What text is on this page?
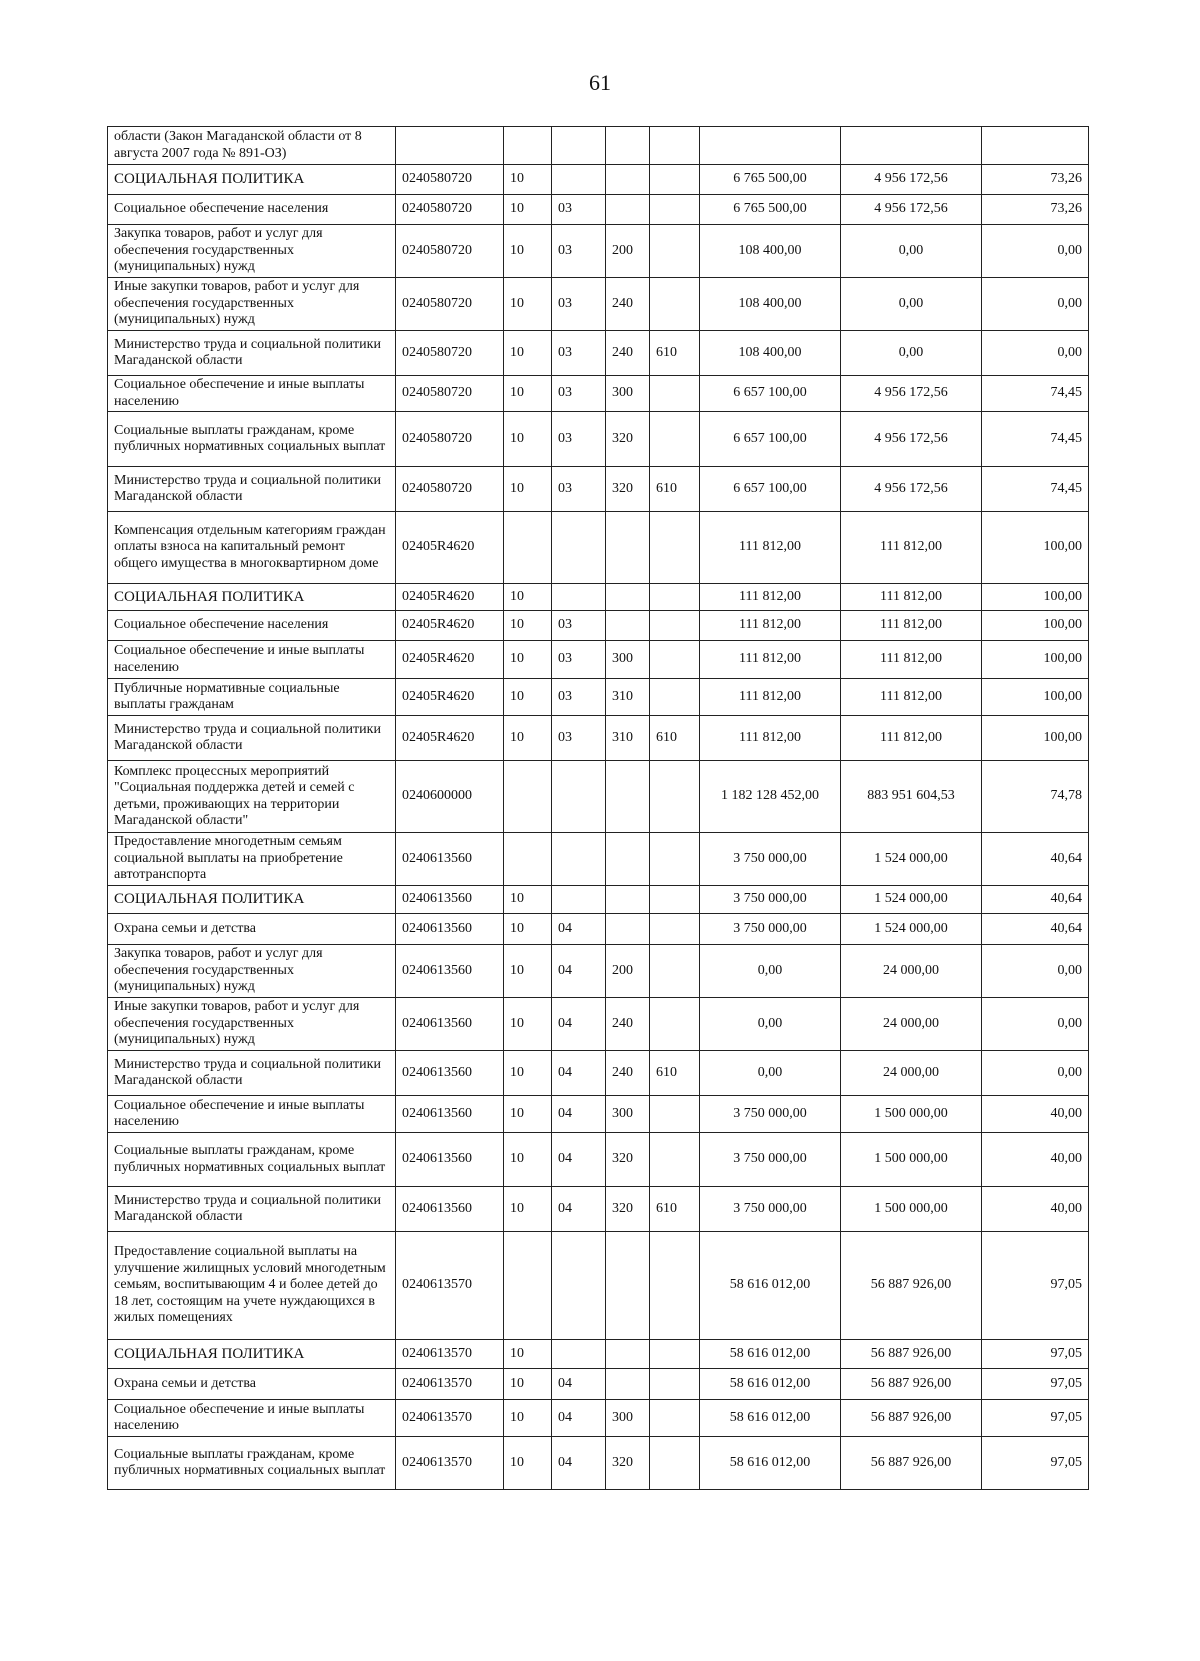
61
области (Закон Магаданской области от 8 августа 2007 года № 891-ОЗ)								
СОЦИАЛЬНАЯ ПОЛИТИКА	0240580720	10				6 765 500,00	4 956 172,56	73,26
Социальное обеспечение населения	0240580720	10	03			6 765 500,00	4 956 172,56	73,26
Закупка товаров, работ и услуг для обеспечения государственных (муниципальных) нужд	0240580720	10	03	200		108 400,00	0,00	0,00
Иные закупки товаров, работ и услуг для обеспечения государственных (муниципальных) нужд	0240580720	10	03	240		108 400,00	0,00	0,00
Министерство труда и социальной политики Магаданской области	0240580720	10	03	240	610	108 400,00	0,00	0,00
Социальное обеспечение и иные выплаты населению	0240580720	10	03	300		6 657 100,00	4 956 172,56	74,45
Социальные выплаты гражданам, кроме публичных нормативных социальных выплат	0240580720	10	03	320		6 657 100,00	4 956 172,56	74,45
Министерство труда и социальной политики Магаданской области	0240580720	10	03	320	610	6 657 100,00	4 956 172,56	74,45
Компенсация отдельным категориям граждан оплаты взноса на капитальный ремонт общего имущества в многоквартирном доме	02405R4620					111 812,00	111 812,00	100,00
СОЦИАЛЬНАЯ ПОЛИТИКА	02405R4620	10				111 812,00	111 812,00	100,00
Социальное обеспечение населения	02405R4620	10	03			111 812,00	111 812,00	100,00
Социальное обеспечение и иные выплаты населению	02405R4620	10	03	300		111 812,00	111 812,00	100,00
Публичные нормативные социальные выплаты гражданам	02405R4620	10	03	310		111 812,00	111 812,00	100,00
Министерство труда и социальной политики Магаданской области	02405R4620	10	03	310	610	111 812,00	111 812,00	100,00
Комплекс процессных мероприятий "Социальная поддержка детей и семей с детьми, проживающих на территории Магаданской области"	0240600000					1 182 128 452,00	883 951 604,53	74,78
Предоставление многодетным семьям социальной выплаты на приобретение автотранспорта	0240613560					3 750 000,00	1 524 000,00	40,64
СОЦИАЛЬНАЯ ПОЛИТИКА	0240613560	10				3 750 000,00	1 524 000,00	40,64
Охрана семьи и детства	0240613560	10	04			3 750 000,00	1 524 000,00	40,64
Закупка товаров, работ и услуг для обеспечения государственных (муниципальных) нужд	0240613560	10	04	200		0,00	24 000,00	0,00
Иные закупки товаров, работ и услуг для обеспечения государственных (муниципальных) нужд	0240613560	10	04	240		0,00	24 000,00	0,00
Министерство труда и социальной политики Магаданской области	0240613560	10	04	240	610	0,00	24 000,00	0,00
Социальное обеспечение и иные выплаты населению	0240613560	10	04	300		3 750 000,00	1 500 000,00	40,00
Социальные выплаты гражданам, кроме публичных нормативных социальных выплат	0240613560	10	04	320		3 750 000,00	1 500 000,00	40,00
Министерство труда и социальной политики Магаданской области	0240613560	10	04	320	610	3 750 000,00	1 500 000,00	40,00
Предоставление социальной выплаты на улучшение жилищных условий многодетным семьям, воспитывающим 4 и более детей до 18 лет, состоящим на учете нуждающихся в жилых помещениях	0240613570					58 616 012,00	56 887 926,00	97,05
СОЦИАЛЬНАЯ ПОЛИТИКА	0240613570	10				58 616 012,00	56 887 926,00	97,05
Охрана семьи и детства	0240613570	10	04			58 616 012,00	56 887 926,00	97,05
Социальное обеспечение и иные выплаты населению	0240613570	10	04	300		58 616 012,00	56 887 926,00	97,05
Социальные выплаты гражданам, кроме публичных нормативных социальных выплат	0240613570	10	04	320		58 616 012,00	56 887 926,00	97,05
